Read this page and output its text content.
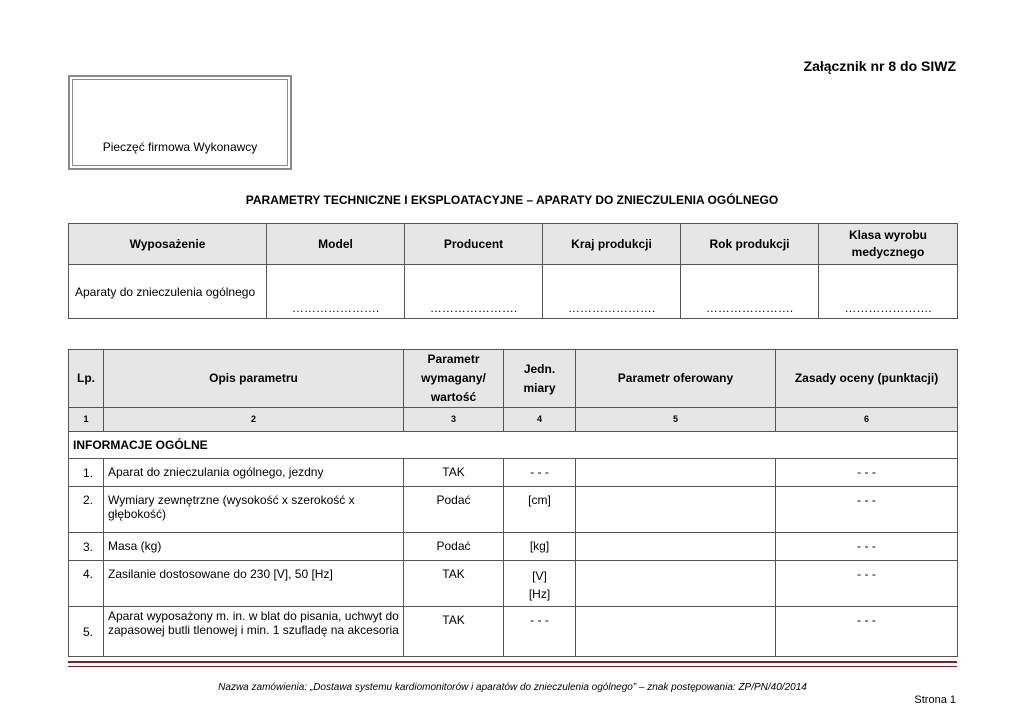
Załącznik nr 8 do SIWZ
Pieczęć firmowa Wykonawcy
PARAMETRY TECHNICZNE I EKSPLOATACYJNE – APARATY DO ZNIECZULENIA OGÓLNEGO
Wyposażenie	Model	Producent	Kraj produkcji	Rok produkcji	Klasa wyrobu medycznego
Aparaty do znieczulenia ogólnego	………………….	………………….	………………….	………………….	………………….
Lp.	Opis parametru	Parametr wymagany/ wartość	Jedn. miary	Parametr oferowany	Zasady oceny (punktacji)
1	2	3	4	5	6
INFORMACJE OGÓLNE					
1.	Aparat do znieczulania ogólnego, jezdny	TAK	- - -		- - -
2.	Wymiary zewnętrzne (wysokość x szerokość x głębokość)	Podać	[cm]		- - -
3.	Masa (kg)	Podać	[kg]		- - -
4.	Zasilanie dostosowane do 230 [V], 50 [Hz]	TAK	[V]
[Hz]		- - -
5.	Aparat wyposażony m. in. w blat do pisania, uchwyt do zapasowej butli tlenowej i min. 1 szufladę na akcesoria	TAK	- - -		- - -
Nazwa zamówienia: „Dostawa systemu kardiomonitorów i aparatów do znieczulenia ogólnego” – znak postępowania: ZP/PN/40/2014
Strona 1
